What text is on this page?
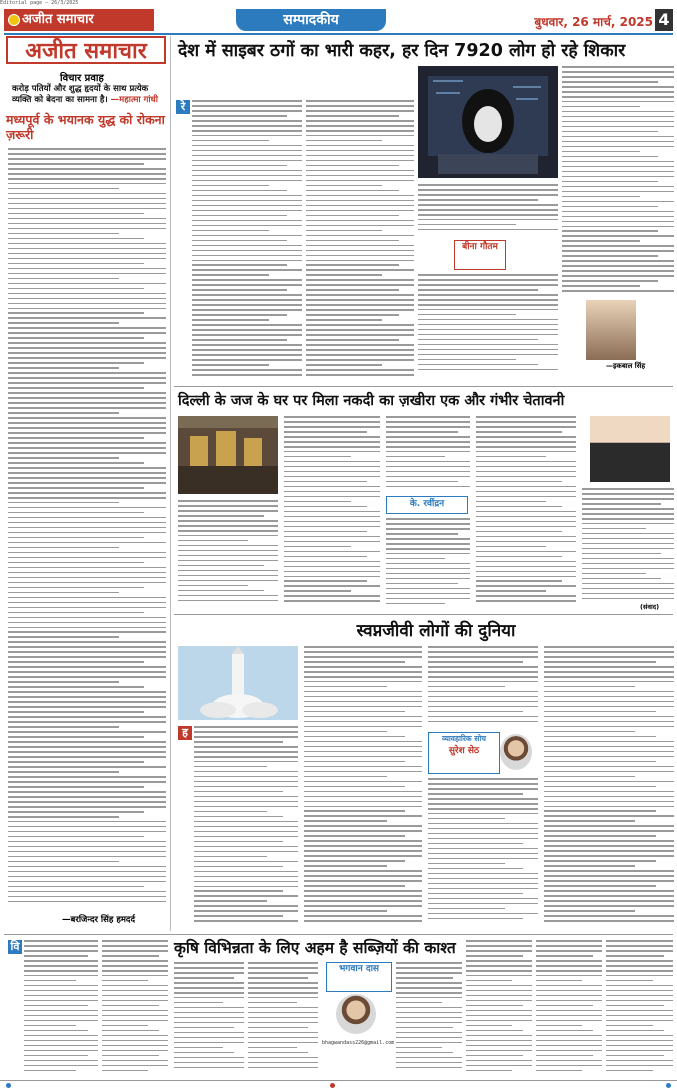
Editorial page — 26/3/2025
अजीत समाचार	सम्पादकीय	बुधवार, 26 मार्च, 2025 4
अजीत समाचार
विचार प्रवाह
करोड़ पतियों और शुद्ध हृदयों के साथ प्रत्येक व्यक्ति को बेदना का सामना है। —महात्मा गांधी
मध्यपूर्व के भयानक युद्ध को रोकना ज़रूरी
—बरजिन्दर सिंह हमदर्द
देश में साइबर ठगों का भारी कहर, हर दिन 7920 लोग हो रहे शिकार
रे
बीना गौतम
—इकबाल सिंह
दिल्ली के जज के घर पर मिला नकदी का ज़खीरा एक और गंभीर चेतावनी
के. रवींद्रन
(संवाद)
स्वप्नजीवी लोगों की दुनिया
ह	व्यावहारिक सोच
सुरेश सेठ
वि	कृषि विभिन्नता के लिए अहम है सब्ज़ियों की काश्त
भगवान दास
bhagwandass226@gmail.com
